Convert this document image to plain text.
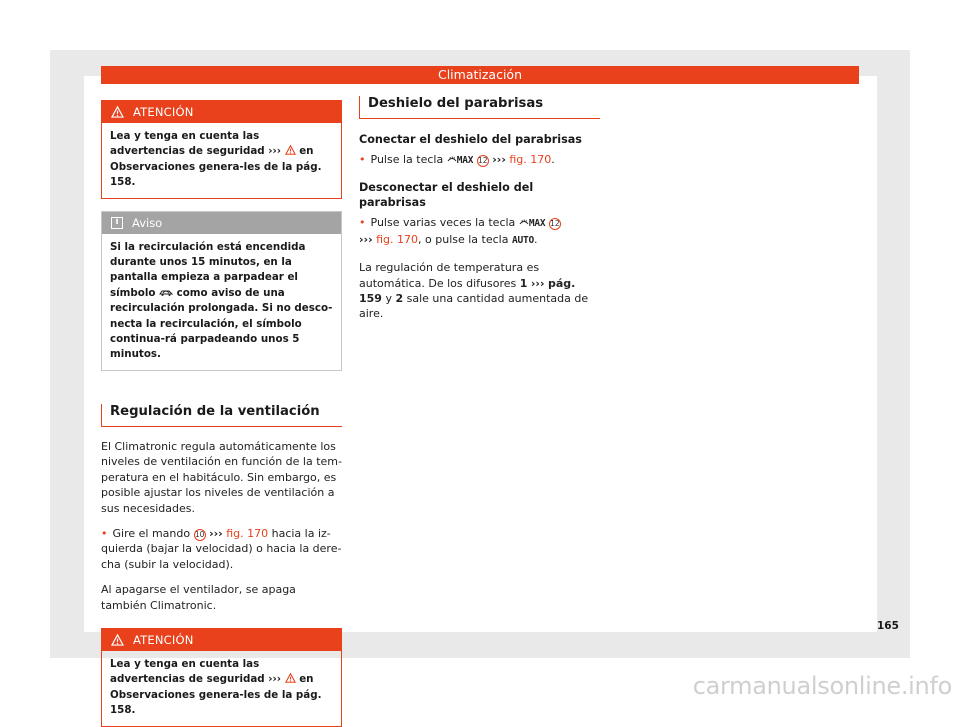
Climatización
ATENCIÓN
Lea y tenga en cuenta las advertencias de seguridad ››› en Observaciones genera-les de la pág. 158.
i	Aviso
Si la recirculación está encendida durante unos 15 minutos, en la pantalla empieza a parpadear el símbolo como aviso de una recirculación prolongada. Si no desco-necta la recirculación, el símbolo continua-rá parpadeando unos 5 minutos.
Regulación de la ventilación

El Climatronic regula automáticamente los niveles de ventilación en función de la tem-peratura en el habitáculo. Sin embargo, es posible ajustar los niveles de ventilación a sus necesidades.

• Gire el mando 10 ››› fig. 170 hacia la iz-quierda (bajar la velocidad) o hacia la dere-cha (subir la velocidad).

Al apagarse el ventilador, se apaga también Climatronic.

ATENCIÓN
Lea y tenga en cuenta las advertencias de seguridad ››› en Observaciones genera-les de la pág. 158.
Deshielo del parabrisas
Conectar el deshielo del parabrisas

• Pulse la tecla MAX 12 ››› fig. 170.

Desconectar el deshielo del parabrisas

• Pulse varias veces la tecla MAX 12
››› fig. 170, o pulse la tecla AUTO.

La regulación de temperatura es automática. De los difusores 1 ››› pág. 159 y 2 sale una cantidad aumentada de aire.

165
carmanualsonline.info
